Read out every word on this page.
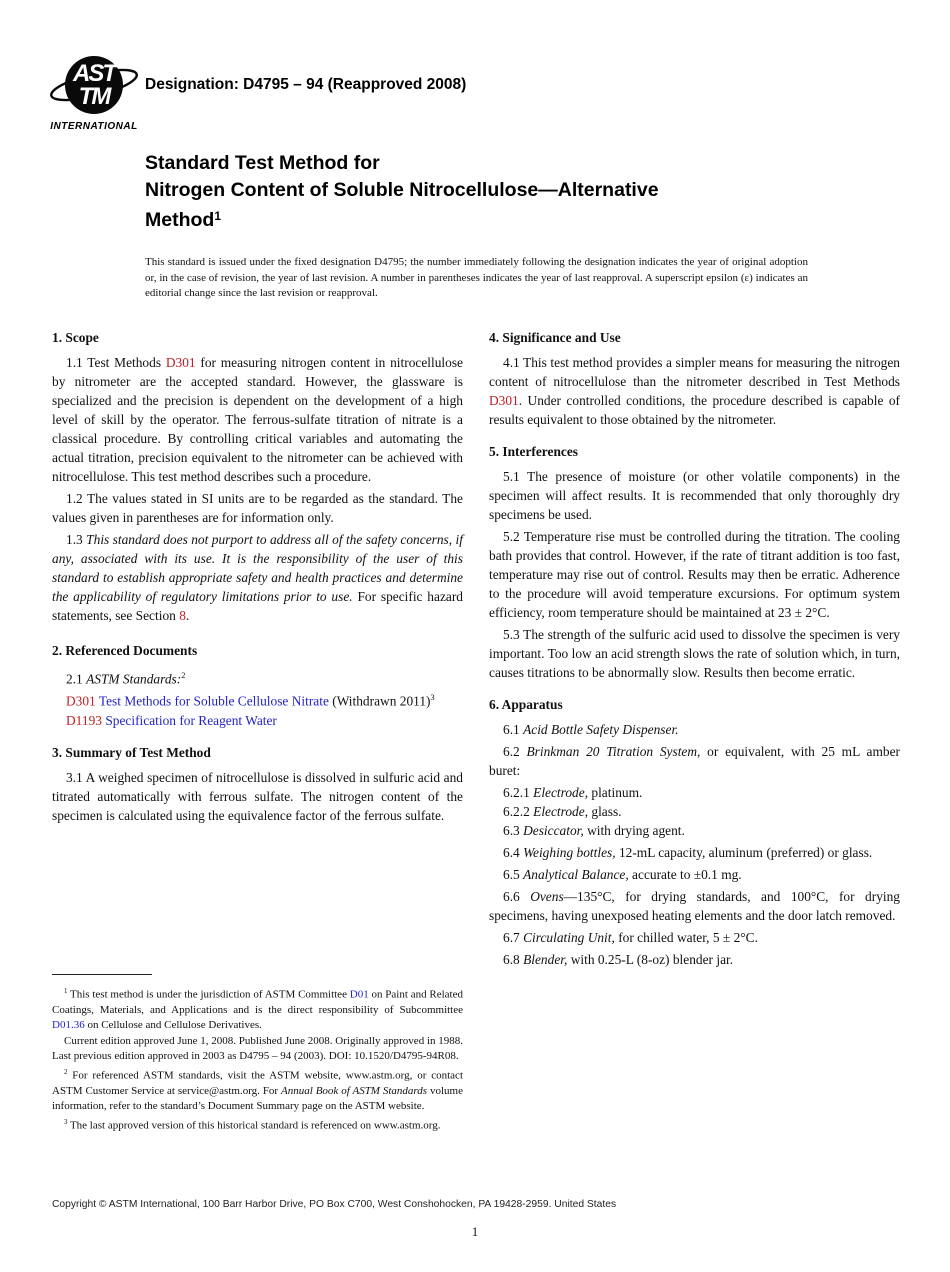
AST
TM
INTERNATIONAL
Designation: D4795 – 94 (Reapproved 2008)
Standard Test Method for
Nitrogen Content of Soluble Nitrocellulose—Alternative
Method$^1$
This standard is issued under the fixed designation D4795; the number immediately following the designation indicates the year of original adoption or, in the case of revision, the year of last revision. A number in parentheses indicates the year of last reapproval. A superscript epsilon (ε) indicates an editorial change since the last revision or reapproval.
1. Scope

1.1 Test Methods D301 for measuring nitrogen content in nitrocellulose by nitrometer are the accepted standard. However, the glassware is specialized and the precision is dependent on the development of a high level of skill by the operator. The ferrous-sulfate titration of nitrate is a classical procedure. By controlling critical variables and automating the actual titration, precision equivalent to the nitrometer can be achieved with nitrocellulose. This test method describes such a procedure.

1.2 The values stated in SI units are to be regarded as the standard. The values given in parentheses are for information only.

1.3 This standard does not purport to address all of the safety concerns, if any, associated with its use. It is the responsibility of the user of this standard to establish appropriate safety and health practices and determine the applicability of regulatory limitations prior to use. For specific hazard statements, see Section 8.

2. Referenced Documents

2.1 ASTM Standards:$^2$

D301 Test Methods for Soluble Cellulose Nitrate (Withdrawn 2011)$^3$

D1193 Specification for Reagent Water

3. Summary of Test Method

3.1 A weighed specimen of nitrocellulose is dissolved in sulfuric acid and titrated automatically with ferrous sulfate. The nitrogen content of the specimen is calculated using the equivalence factor of the ferrous sulfate.

$^1$ This test method is under the jurisdiction of ASTM Committee D01 on Paint and Related Coatings, Materials, and Applications and is the direct responsibility of Subcommittee D01.36 on Cellulose and Cellulose Derivatives.

Current edition approved June 1, 2008. Published June 2008. Originally approved in 1988. Last previous edition approved in 2003 as D4795 – 94 (2003). DOI: 10.1520/D4795-94R08.

$^2$ For referenced ASTM standards, visit the ASTM website, www.astm.org, or contact ASTM Customer Service at service@astm.org. For Annual Book of ASTM Standards volume information, refer to the standard’s Document Summary page on the ASTM website.

$^3$ The last approved version of this historical standard is referenced on www.astm.org.

4. Significance and Use

4.1 This test method provides a simpler means for measuring the nitrogen content of nitrocellulose than the nitrometer described in Test Methods D301. Under controlled conditions, the procedure described is capable of results equivalent to those obtained by the nitrometer.

5. Interferences

5.1 The presence of moisture (or other volatile components) in the specimen will affect results. It is recommended that only thoroughly dry specimens be used.

5.2 Temperature rise must be controlled during the titration. The cooling bath provides that control. However, if the rate of titrant addition is too fast, temperature may rise out of control. Results may then be erratic. Adherence to the procedure will avoid temperature excursions. For optimum system efficiency, room temperature should be maintained at 23 ± 2°C.

5.3 The strength of the sulfuric acid used to dissolve the specimen is very important. Too low an acid strength slows the rate of solution which, in turn, causes titrations to be abnormally slow. Results then become erratic.

6. Apparatus

6.1 Acid Bottle Safety Dispenser.

6.2 Brinkman 20 Titration System, or equivalent, with 25 mL amber buret:

6.2.1 Electrode, platinum.

6.2.2 Electrode, glass.

6.3 Desiccator, with drying agent.

6.4 Weighing bottles, 12-mL capacity, aluminum (preferred) or glass.

6.5 Analytical Balance, accurate to ±0.1 mg.

6.6 Ovens—135°C, for drying standards, and 100°C, for drying specimens, having unexposed heating elements and the door latch removed.

6.7 Circulating Unit, for chilled water, 5 ± 2°C.

6.8 Blender, with 0.25-L (8-oz) blender jar.

Copyright © ASTM International, 100 Barr Harbor Drive, PO Box C700, West Conshohocken, PA 19428-2959. United States
1
